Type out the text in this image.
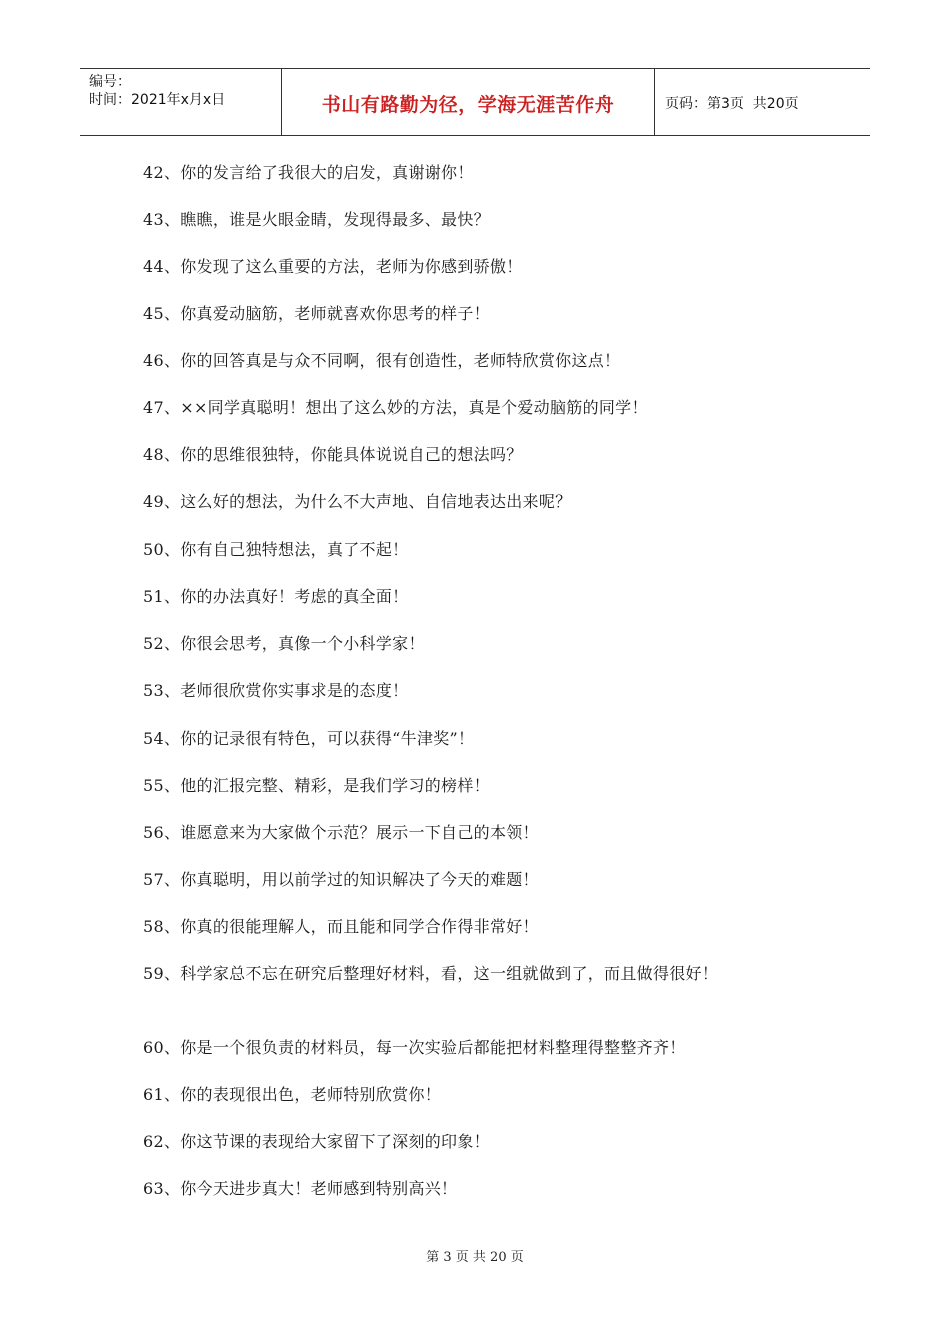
编号：
时间：2021年x月x日	书山有路勤为径，学海无涯苦作舟	页码：第3页  共20页
42、你的发言给了我很大的启发，真谢谢你！
43、瞧瞧，谁是火眼金睛，发现得最多、最快？
44、你发现了这么重要的方法，老师为你感到骄傲！
45、你真爱动脑筋，老师就喜欢你思考的样子！
46、你的回答真是与众不同啊，很有创造性，老师特欣赏你这点！
47、××同学真聪明！想出了这么妙的方法，真是个爱动脑筋的同学！
48、你的思维很独特，你能具体说说自己的想法吗？
49、这么好的想法，为什么不大声地、自信地表达出来呢？
50、你有自己独特想法，真了不起！
51、你的办法真好！考虑的真全面！
52、你很会思考，真像一个小科学家！
53、老师很欣赏你实事求是的态度！
54、你的记录很有特色，可以获得“牛津奖”！
55、他的汇报完整、精彩，是我们学习的榜样！
56、谁愿意来为大家做个示范？展示一下自己的本领！
57、你真聪明，用以前学过的知识解决了今天的难题！
58、你真的很能理解人，而且能和同学合作得非常好！
59、科学家总不忘在研究后整理好材料，看，这一组就做到了，而且做得很好！
60、你是一个很负责的材料员，每一次实验后都能把材料整理得整整齐齐！
61、你的表现很出色，老师特别欣赏你！
62、你这节课的表现给大家留下了深刻的印象！
63、你今天进步真大！老师感到特别高兴！
第 3 页 共 20 页
